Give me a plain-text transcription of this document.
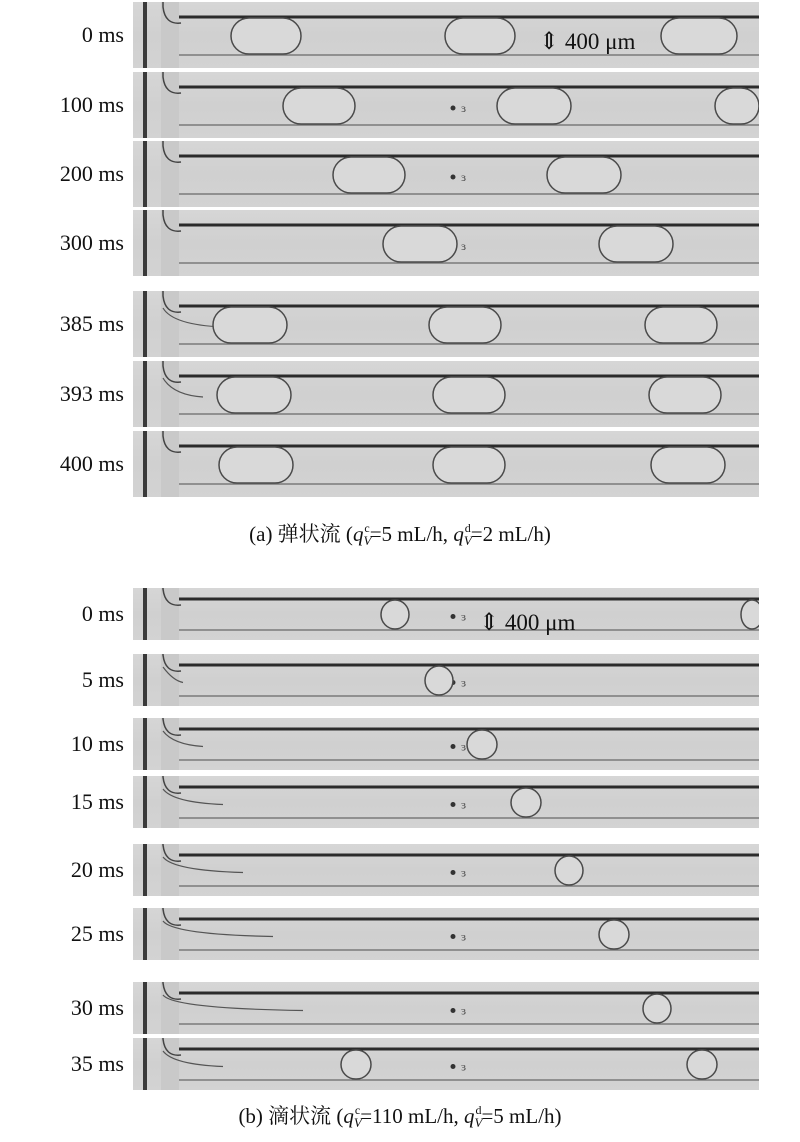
0 ms
100 ms	ɜ
200 ms	ɜ
300 ms	ɜ
385 ms
393 ms
400 ms
⇕ 400 μm
(a) 弹状流 ($q_V^c=5$ mL/h, $q_V^d=2$ mL/h)
0 ms	ɜ
5 ms	ɜ
10 ms	ɜ
15 ms	ɜ
20 ms	ɜ
25 ms	ɜ
30 ms	ɜ
35 ms	ɜ
⇕ 400 μm
(b) 滴状流 ($q_V^c=110$ mL/h, $q_V^d=5$ mL/h)
